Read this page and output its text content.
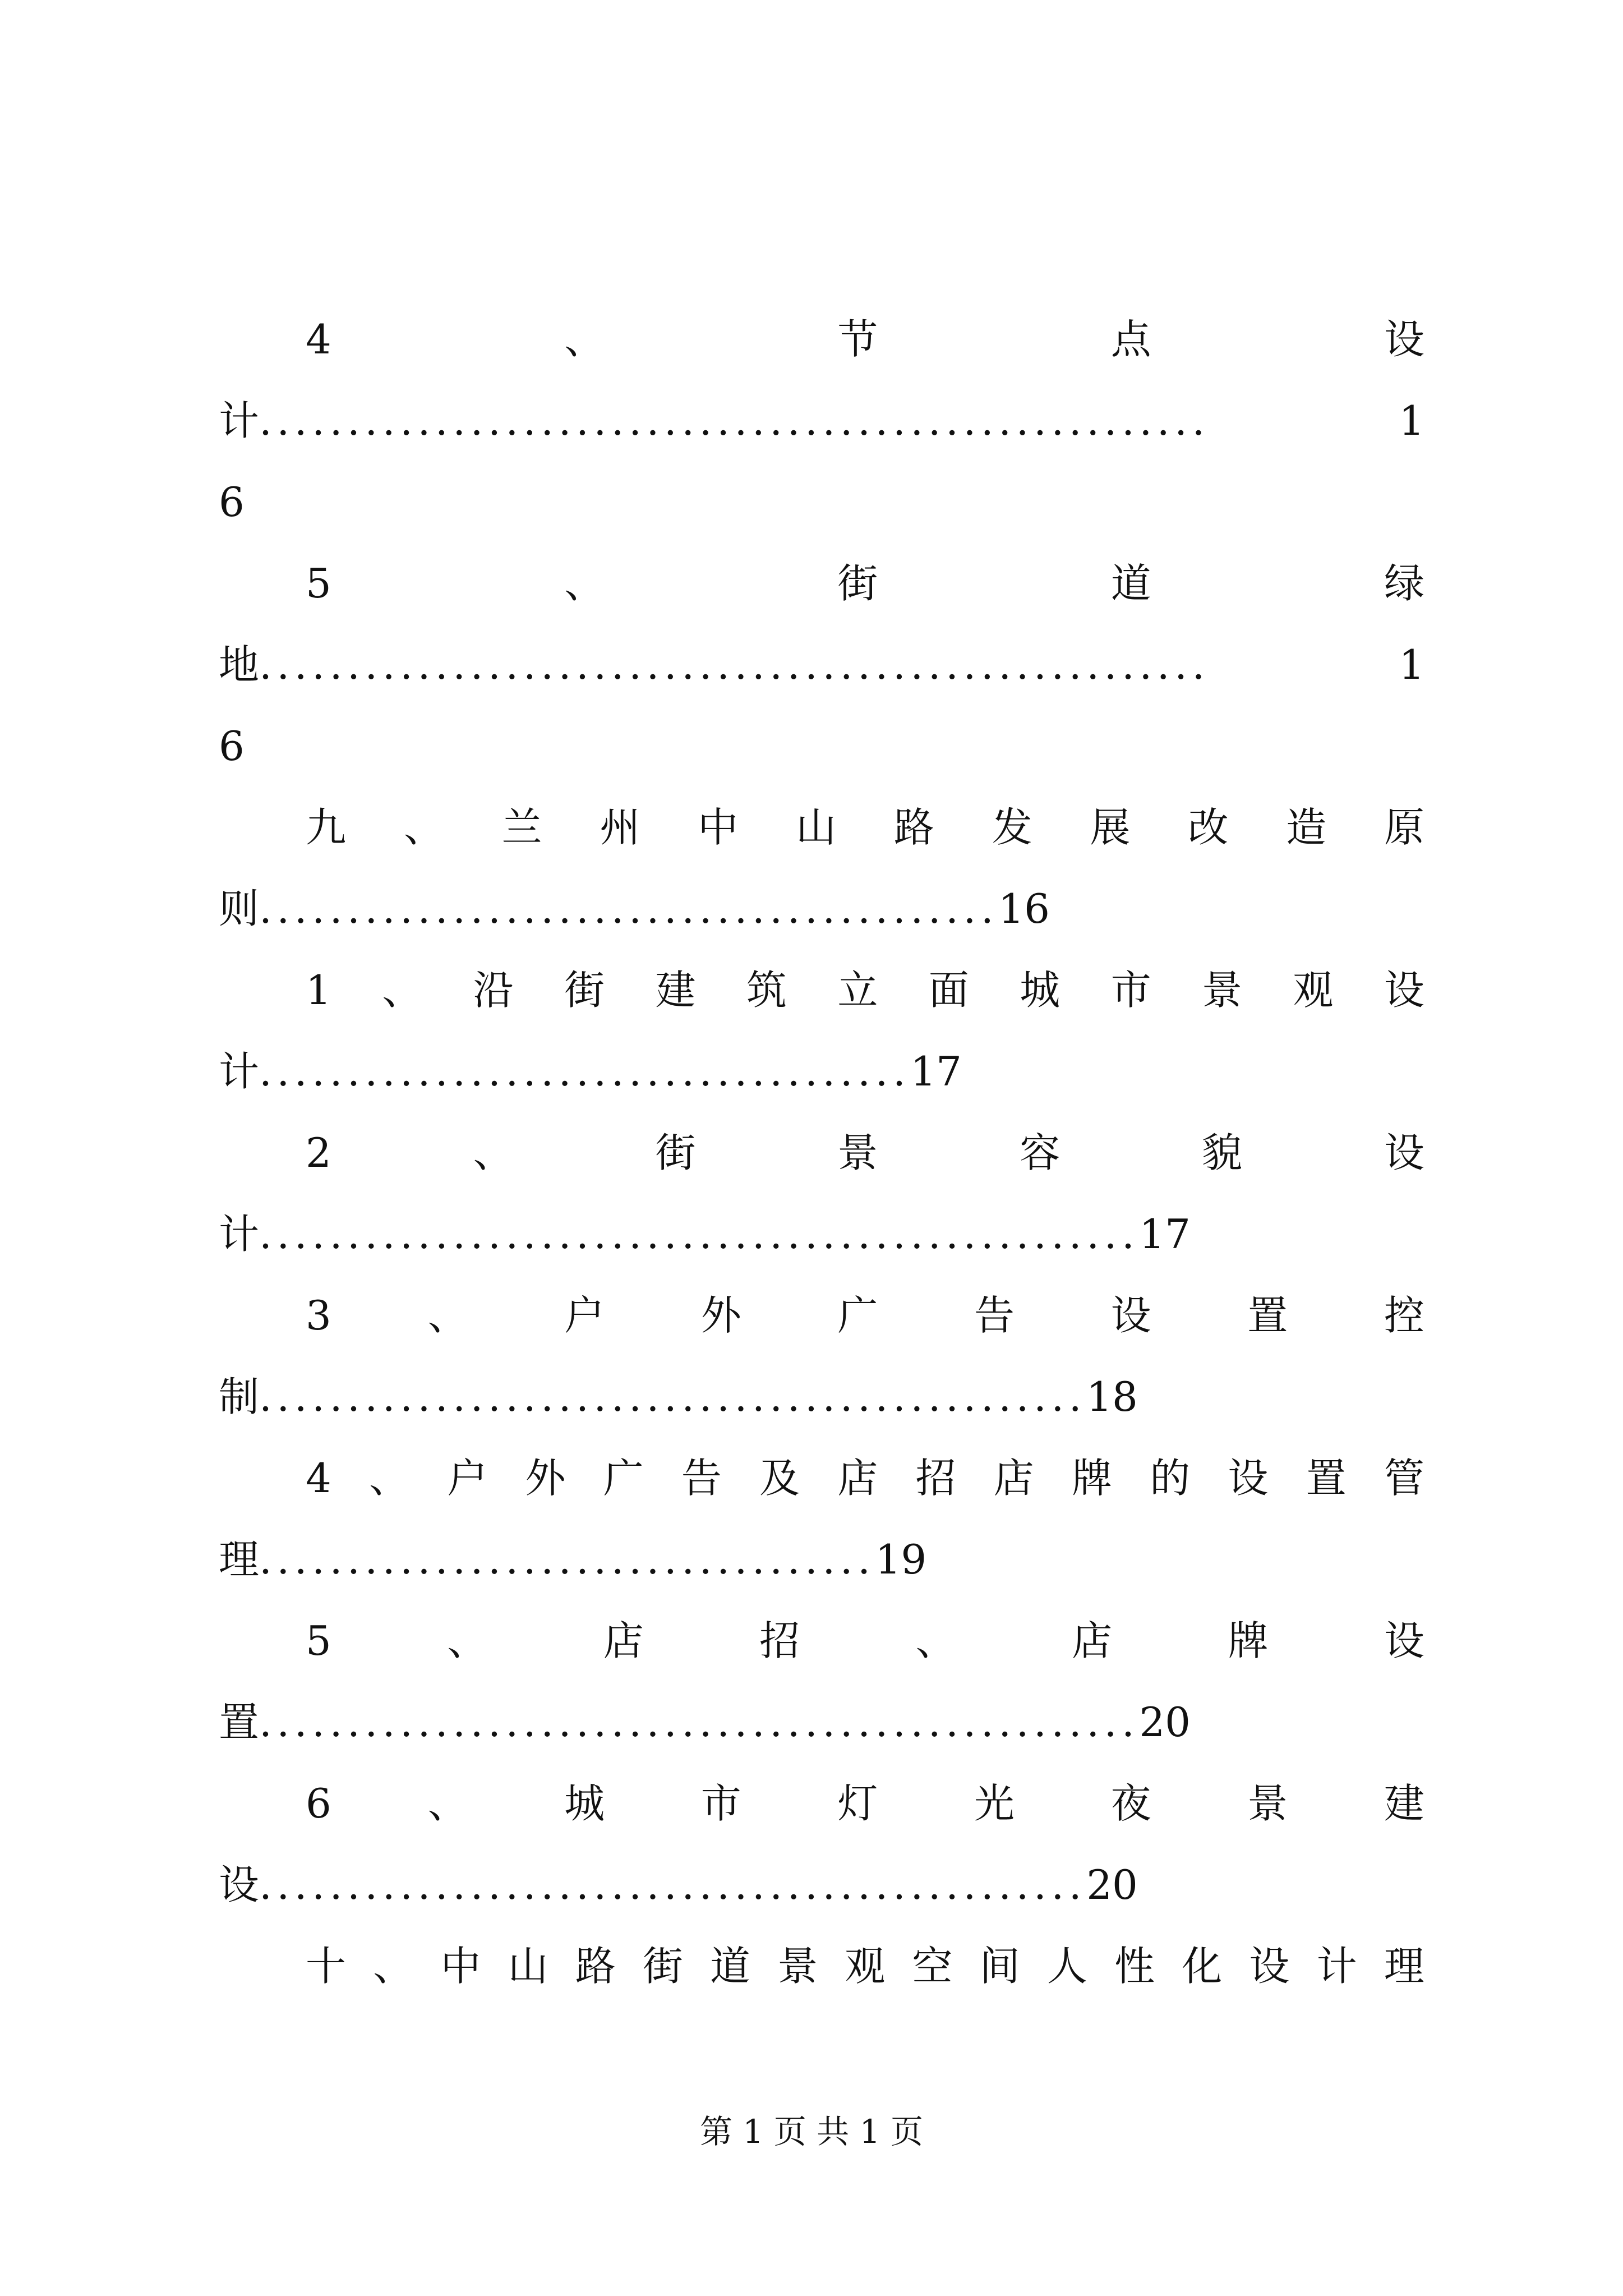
4	、	节	点	设
计......................................................	1
6
5	、	街	道	绿
地......................................................	1
6
九 、 兰 州 中 山 路 发 展 改 造 原
则 .......................................... 16
1 、 沿 街 建 筑 立 面 城 市 景 观 设
计 ..................................... 17
2	、	街	景	容	貌	设
计 .................................................. 17
3 、 户 外 广 告 设 置 控
制 ............................................... 18
4 、 户 外 广 告 及 店 招 店 牌 的 设 置 管
理 ................................... 19
5	、	店	招	、	店	牌	设
置 .................................................. 20
6 、 城 市 灯 光 夜 景 建
设 ............................................... 20
十 、 中 山 路 街 道 景 观 空 间 人 性 化 设 计 理
第 1 页 共 1 页
